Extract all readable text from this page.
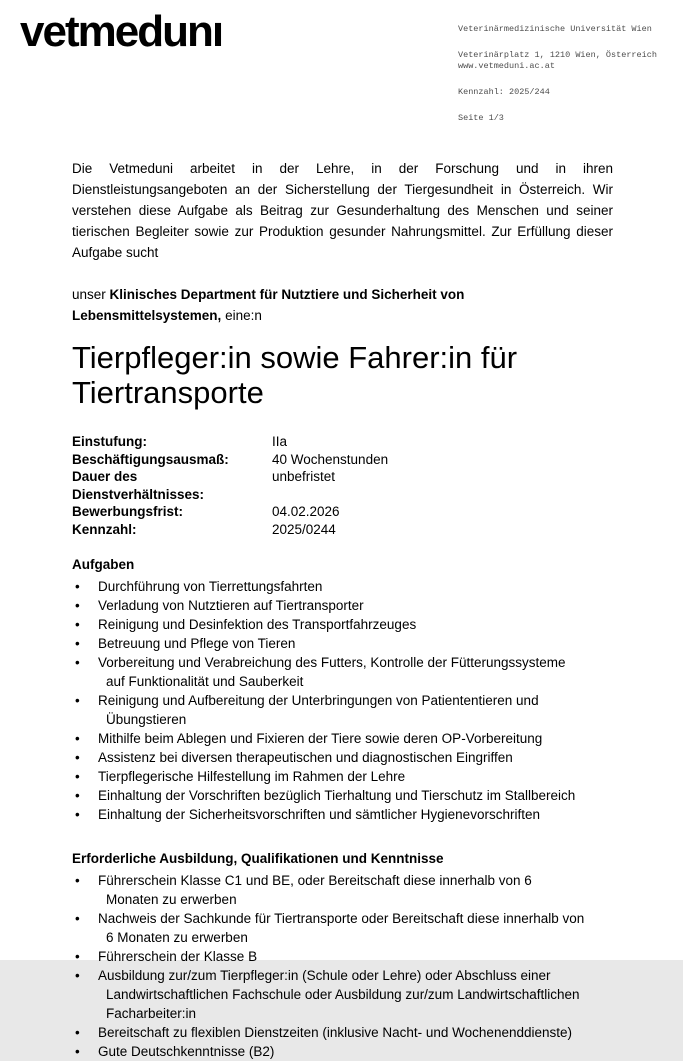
vetmedunı	Veterinärmedizinische Universität Wien
Veterinärplatz 1, 1210 Wien, Österreich
www.vetmeduni.ac.at
Kennzahl: 2025/244
Seite 1/3

Die Vetmeduni arbeitet in der Lehre, in der Forschung und in ihren Dienstleistungsangeboten an der Sicherstellung der Tiergesundheit in Österreich. Wir verstehen diese Aufgabe als Beitrag zur Gesunderhaltung des Menschen und seiner tierischen Begleiter sowie zur Produktion gesunder Nahrungsmittel. Zur Erfüllung dieser Aufgabe sucht

unser Klinisches Department für Nutztiere und Sicherheit von Lebensmittelsystemen, eine:n

Tierpfleger:in sowie Fahrer:in für Tiertransporte
Einstufung:	IIa
Beschäftigungsausmaß:	40 Wochenstunden
Dauer des Dienstverhältnisses:
unbefristet
Bewerbungsfrist:	04.02.2026
Kennzahl:	2025/0244

Aufgaben

• Durchführung von Tierrettungsfahrten
• Verladung von Nutztieren auf Tiertransporter
• Reinigung und Desinfektion des Transportfahrzeuges
• Betreuung und Pflege von Tieren
• Vorbereitung und Verabreichung des Futters, Kontrolle der Fütterungssysteme auf Funktionalität und Sauberkeit
• Reinigung und Aufbereitung der Unterbringungen von Patiententieren und Übungstieren
• Mithilfe beim Ablegen und Fixieren der Tiere sowie deren OP-Vorbereitung
• Assistenz bei diversen therapeutischen und diagnostischen Eingriffen
• Tierpflegerische Hilfestellung im Rahmen der Lehre
• Einhaltung der Vorschriften bezüglich Tierhaltung und Tierschutz im Stallbereich
• Einhaltung der Sicherheitsvorschriften und sämtlicher Hygienevorschriften

Erforderliche Ausbildung, Qualifikationen und Kenntnisse

• Führerschein Klasse C1 und BE, oder Bereitschaft diese innerhalb von 6 Monaten zu erwerben
• Nachweis der Sachkunde für Tiertransporte oder Bereitschaft diese innerhalb von 6 Monaten zu erwerben
• Führerschein der Klasse B
• Ausbildung zur/zum Tierpfleger:in (Schule oder Lehre) oder Abschluss einer Landwirtschaftlichen Fachschule oder Ausbildung zur/zum Landwirtschaftlichen Facharbeiter:in
• Bereitschaft zu flexiblen Dienstzeiten (inklusive Nacht- und Wochenenddienste)
• Gute Deutschkenntnisse (B2)
